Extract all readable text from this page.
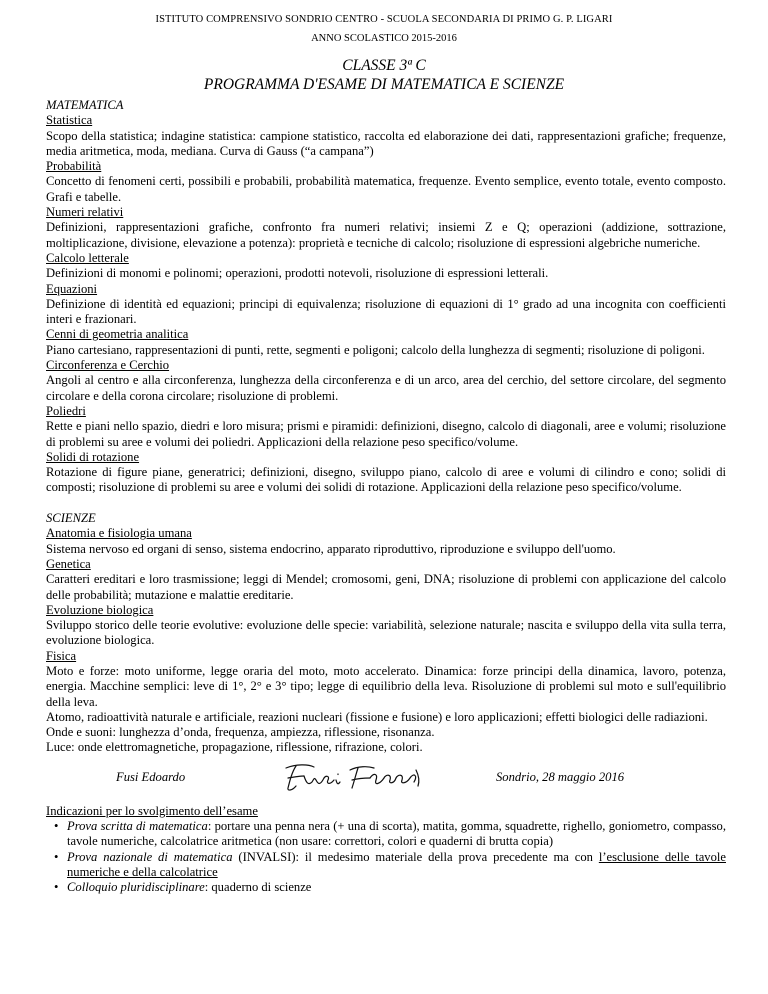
ISTITUTO COMPRENSIVO SONDRIO CENTRO - SCUOLA SECONDARIA DI PRIMO G. P. LIGARI
ANNO SCOLASTICO 2015-2016
CLASSE 3ª C
PROGRAMMA D'ESAME DI MATEMATICA E SCIENZE
MATEMATICA
Statistica

Scopo della statistica; indagine statistica: campione statistico, raccolta ed elaborazione dei dati, rappresentazioni grafiche; frequenze, media aritmetica, moda, mediana. Curva di Gauss (“a campana”)

Probabilità

Concetto di fenomeni certi, possibili e probabili, probabilità matematica, frequenze. Evento semplice, evento totale, evento composto. Grafi e tabelle.

Numeri relativi

Definizioni, rappresentazioni grafiche, confronto fra numeri relativi; insiemi Z e Q; operazioni (addizione, sottrazione, moltiplicazione, divisione, elevazione a potenza): proprietà e tecniche di calcolo; risoluzione di espressioni algebriche numeriche.

Calcolo letterale

Definizioni di monomi e polinomi; operazioni, prodotti notevoli, risoluzione di espressioni letterali.

Equazioni

Definizione di identità ed equazioni; principi di equivalenza; risoluzione di equazioni di 1° grado ad una incognita con coefficienti interi e frazionari.

Cenni di geometria analitica

Piano cartesiano, rappresentazioni di punti, rette, segmenti e poligoni; calcolo della lunghezza di segmenti; risoluzione di poligoni.

Circonferenza e Cerchio

Angoli al centro e alla circonferenza, lunghezza della circonferenza e di un arco, area del cerchio, del settore circolare, del segmento circolare e della corona circolare; risoluzione di problemi.

Poliedri

Rette e piani nello spazio, diedri e loro misura; prismi e piramidi: definizioni, disegno, calcolo di diagonali, aree e volumi; risoluzione di problemi su aree e volumi dei poliedri. Applicazioni della relazione peso specifico/volume.

Solidi di rotazione

Rotazione di figure piane, generatrici; definizioni, disegno, sviluppo piano, calcolo di aree e volumi di cilindro e cono; solidi di composti; risoluzione di problemi su aree e volumi dei solidi di rotazione. Applicazioni della relazione peso specifico/volume.

SCIENZE
Anatomia e fisiologia umana

Sistema nervoso ed organi di senso, sistema endocrino, apparato riproduttivo, riproduzione e sviluppo dell'uomo.

Genetica

Caratteri ereditari e loro trasmissione; leggi di Mendel; cromosomi, geni, DNA; risoluzione di problemi con applicazione del calcolo delle probabilità; mutazione e malattie ereditarie.

Evoluzione biologica

Sviluppo storico delle teorie evolutive: evoluzione delle specie: variabilità, selezione naturale; nascita e sviluppo della vita sulla terra, evoluzione biologica.

Fisica

Moto e forze: moto uniforme, legge oraria del moto, moto accelerato. Dinamica: forze principi della dinamica, lavoro, potenza, energia. Macchine semplici: leve di 1°, 2° e 3° tipo; legge di equilibrio della leva. Risoluzione di problemi sul moto e sull'equilibrio della leva.

Atomo, radioattività naturale e artificiale, reazioni nucleari (fissione e fusione) e loro applicazioni; effetti biologici delle radiazioni.

Onde e suoni: lunghezza d’onda, frequenza, ampiezza, riflessione, risonanza.

Luce: onde elettromagnetiche, propagazione, riflessione, rifrazione, colori.

Fusi Edoardo	Sondrio, 28 maggio 2016
Indicazioni per lo svolgimento dell’esame
• Prova scritta di matematica: portare una penna nera (+ una di scorta), matita, gomma, squadrette, righello, goniometro, compasso, tavole numeriche, calcolatrice aritmetica (non usare: correttori, colori e quaderni di brutta copia)
• Prova nazionale di matematica (INVALSI): il medesimo materiale della prova precedente ma con l’esclusione delle tavole numeriche e della calcolatrice
• Colloquio pluridisciplinare: quaderno di scienze
